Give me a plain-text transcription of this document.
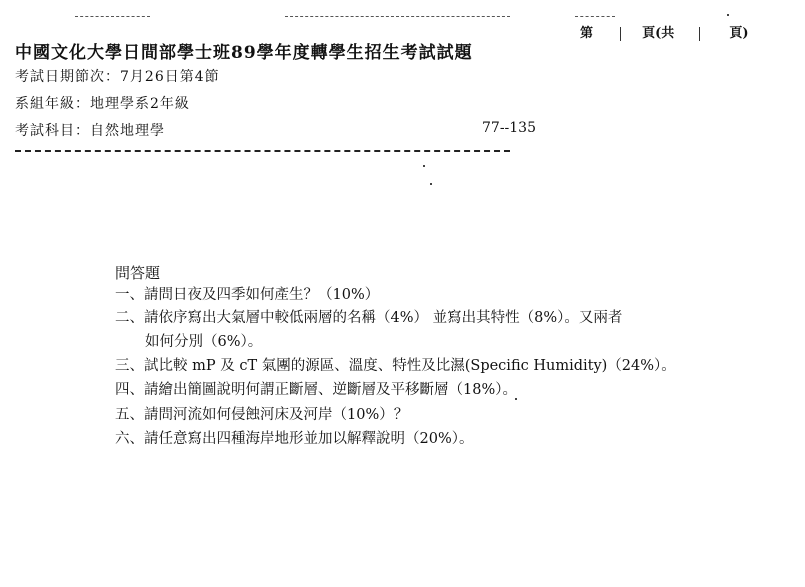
第	頁(共	頁)
中國文化大學日間部學士班89學年度轉學生招生考試試題
考試日期節次：7月26日第4節
系組年級：地理學系2年級
考試科目：自然地理學	77--135
問答題
一、請問日夜及四季如何產生？（10%）
二、請依序寫出大氣層中較低兩層的名稱（4%） 並寫出其特性（8%）。又兩者
如何分別（6%）。
三、試比較 mP 及 cT 氣團的源區、溫度、特性及比濕(Specific Humidity)（24%）。
四、請繪出簡圖說明何謂正斷層、逆斷層及平移斷層（18%）。
五、請問河流如何侵蝕河床及河岸（10%）？
六、請任意寫出四種海岸地形並加以解釋說明（20%）。
